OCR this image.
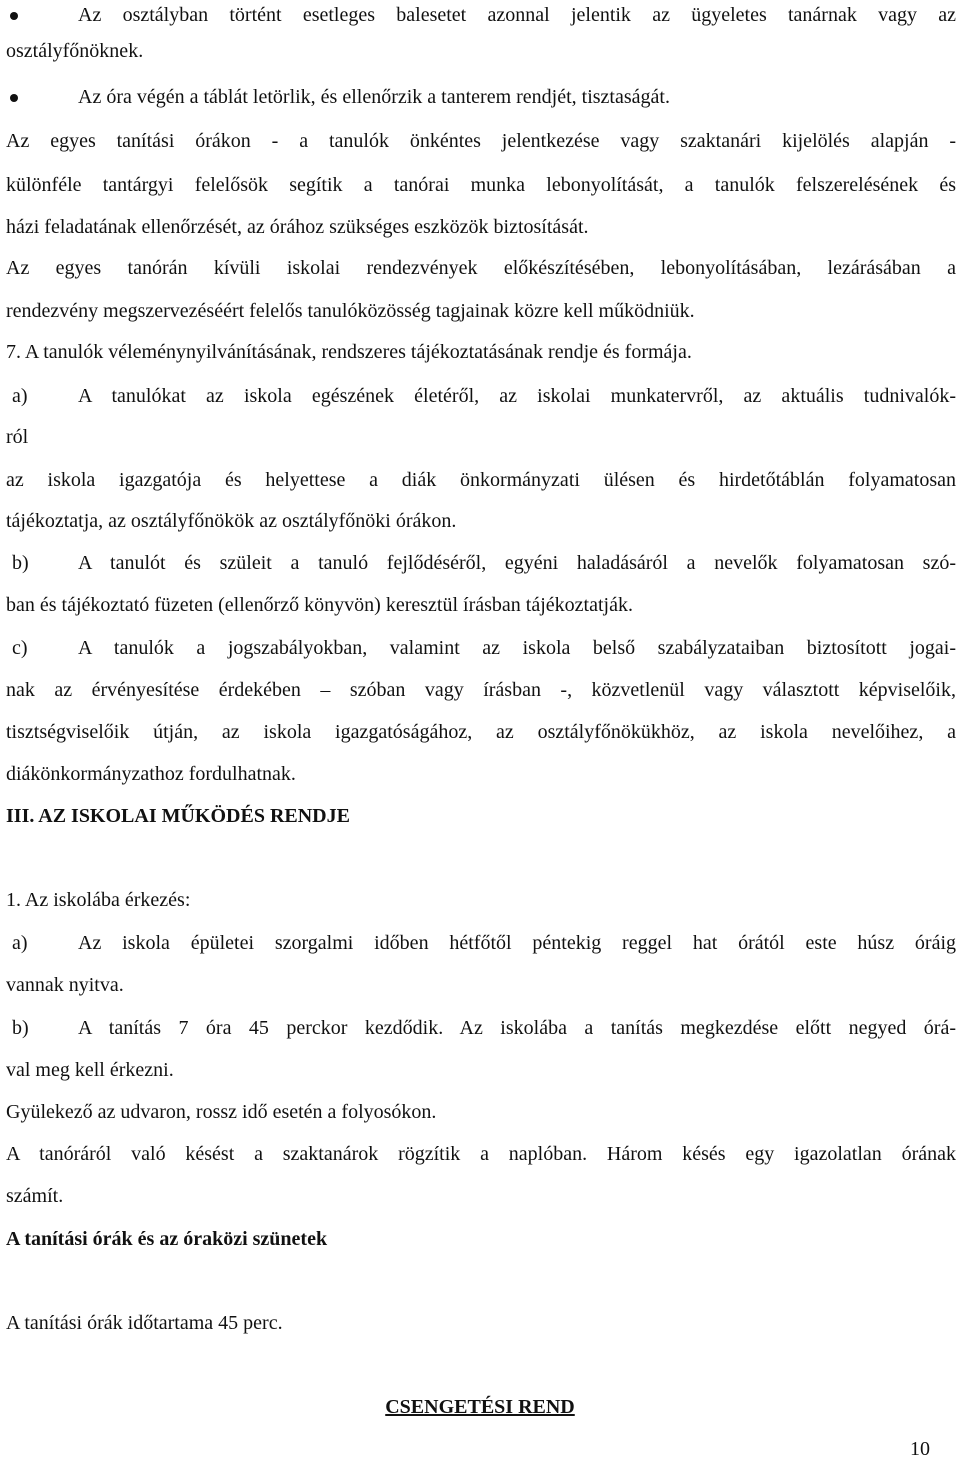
Az osztályban történt esetleges balesetet azonnal jelentik az ügyeletes tanárnak vagy az
osztályfőnöknek.
Az óra végén a táblát letörlik, és ellenőrzik a tanterem rendjét, tisztaságát.
Az egyes tanítási órákon - a tanulók önkéntes jelentkezése vagy szaktanári kijelölés alapján -
különféle tantárgyi felelősök segítik a tanórai munka lebonyolítását, a tanulók felszerelésének és
házi feladatának ellenőrzését, az órához szükséges eszközök biztosítását.
Az egyes tanórán kívüli iskolai rendezvények előkészítésében, lebonyolításában, lezárásában a
rendezvény megszervezéséért felelős tanulóközösség tagjainak közre kell működniük.
7. A tanulók véleménynyilvánításának, rendszeres tájékoztatásának rendje és formája.
a)	A tanulókat az iskola egészének életéről, az iskolai munkatervről, az aktuális tudnivalók-
ról
az iskola igazgatója és helyettese a diák önkormányzati ülésen és hirdetőtáblán folyamatosan
tájékoztatja, az osztályfőnökök az osztályfőnöki órákon.
b)	A tanulót és szüleit a tanuló fejlődéséről, egyéni haladásáról a nevelők folyamatosan szó-
ban és tájékoztató füzeten (ellenőrző könyvön) keresztül írásban tájékoztatják.
c)	A tanulók a jogszabályokban, valamint az iskola belső szabályzataiban biztosított jogai-
nak az érvényesítése érdekében – szóban vagy írásban -, közvetlenül vagy választott képviselőik,
tisztségviselőik útján, az iskola igazgatóságához, az osztályfőnökükhöz, az iskola nevelőihez, a
diákönkormányzathoz fordulhatnak.
III. AZ ISKOLAI MŰKÖDÉS RENDJE
1. Az iskolába érkezés:
a)	Az iskola épületei szorgalmi időben hétfőtől péntekig reggel hat órától este húsz óráig
vannak nyitva.
b)	A tanítás 7 óra 45 perckor kezdődik. Az iskolába a tanítás megkezdése előtt negyed órá-
val meg kell érkezni.
Gyülekező az udvaron, rossz idő esetén a folyosókon.
A tanóráról való késést a szaktanárok rögzítik a naplóban. Három késés egy igazolatlan órának
számít.
A tanítási órák és az óraközi szünetek
A tanítási órák időtartama 45 perc.
CSENGETÉSI REND
10
